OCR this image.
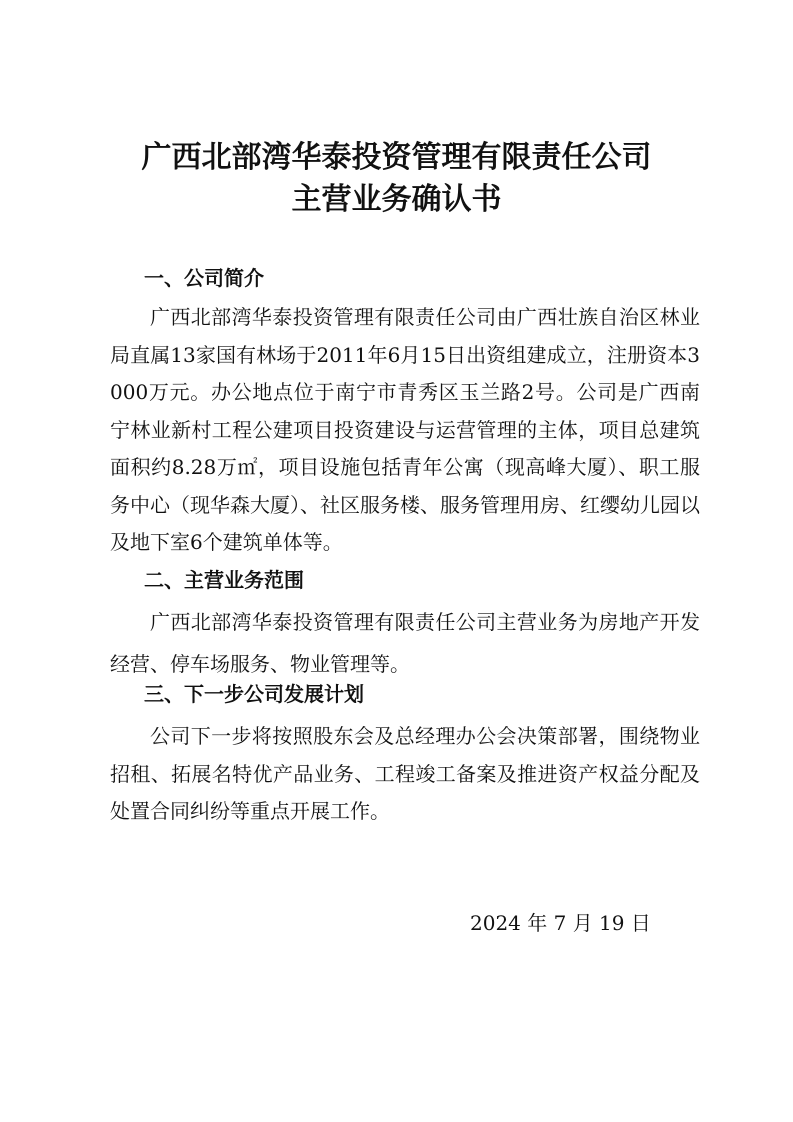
广西北部湾华泰投资管理有限责任公司
主营业务确认书
一、公司简介
广西北部湾华泰投资管理有限责任公司由广西壮族自治区林业局直属13家国有林场于2011年6月15日出资组建成立，注册资本3000万元。办公地点位于南宁市青秀区玉兰路2号。公司是广西南宁林业新村工程公建项目投资建设与运营管理的主体，项目总建筑面积约8.28万㎡，项目设施包括青年公寓（现高峰大厦）、职工服务中心（现华森大厦）、社区服务楼、服务管理用房、红缨幼儿园以及地下室6个建筑单体等。
二、主营业务范围
广西北部湾华泰投资管理有限责任公司主营业务为房地产开发经营、停车场服务、物业管理等。
三、下一步公司发展计划
公司下一步将按照股东会及总经理办公会决策部署，围绕物业招租、拓展名特优产品业务、工程竣工备案及推进资产权益分配及处置合同纠纷等重点开展工作。
2024 年 7 月 19 日
